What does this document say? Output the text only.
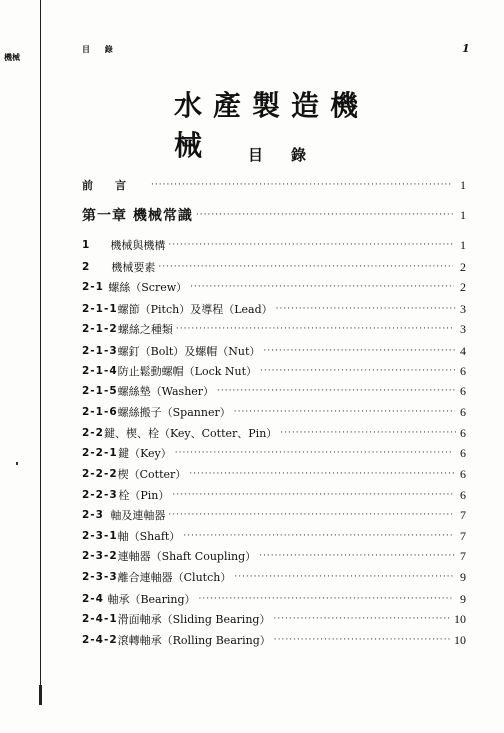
機械
目 錄	1
水產製造機械	目錄
前言 ·····	1
第一章 機械常識 ·····	1
1	機械與機構 ·····	1
2	機械要素 ·····	2
2-1 螺絲（Screw） ·····	2
2-1-1 螺節（Pitch）及導程（Lead） ·····	3
2-1-2 螺絲之種類 ·····	3
2-1-3 螺釘（Bolt）及螺帽（Nut） ·····	4
2-1-4 防止鬆動螺帽（Lock Nut） ·····	6
2-1-5 螺絲墊（Washer） ·····	6
2-1-6 螺絲搬子（Spanner） ·····	6
2-2 鍵、楔、栓（Key、Cotter、Pin） ·····	6
2-2-1 鍵（Key） ·····	6
2-2-2 楔（Cotter） ·····	6
2-2-3 栓（Pin） ·····	6
2-3 軸及連軸器 ·····	7
2-3-1 軸（Shaft） ·····	7
2-3-2 連軸器（Shaft Coupling） ·····	7
2-3-3 離合連軸器（Clutch） ·····	9
2-4 軸承（Bearing） ·····	9
2-4-1 滑面軸承（Sliding Bearing） ·····	10
2-4-2 滾轉軸承（Rolling Bearing） ·····	10
